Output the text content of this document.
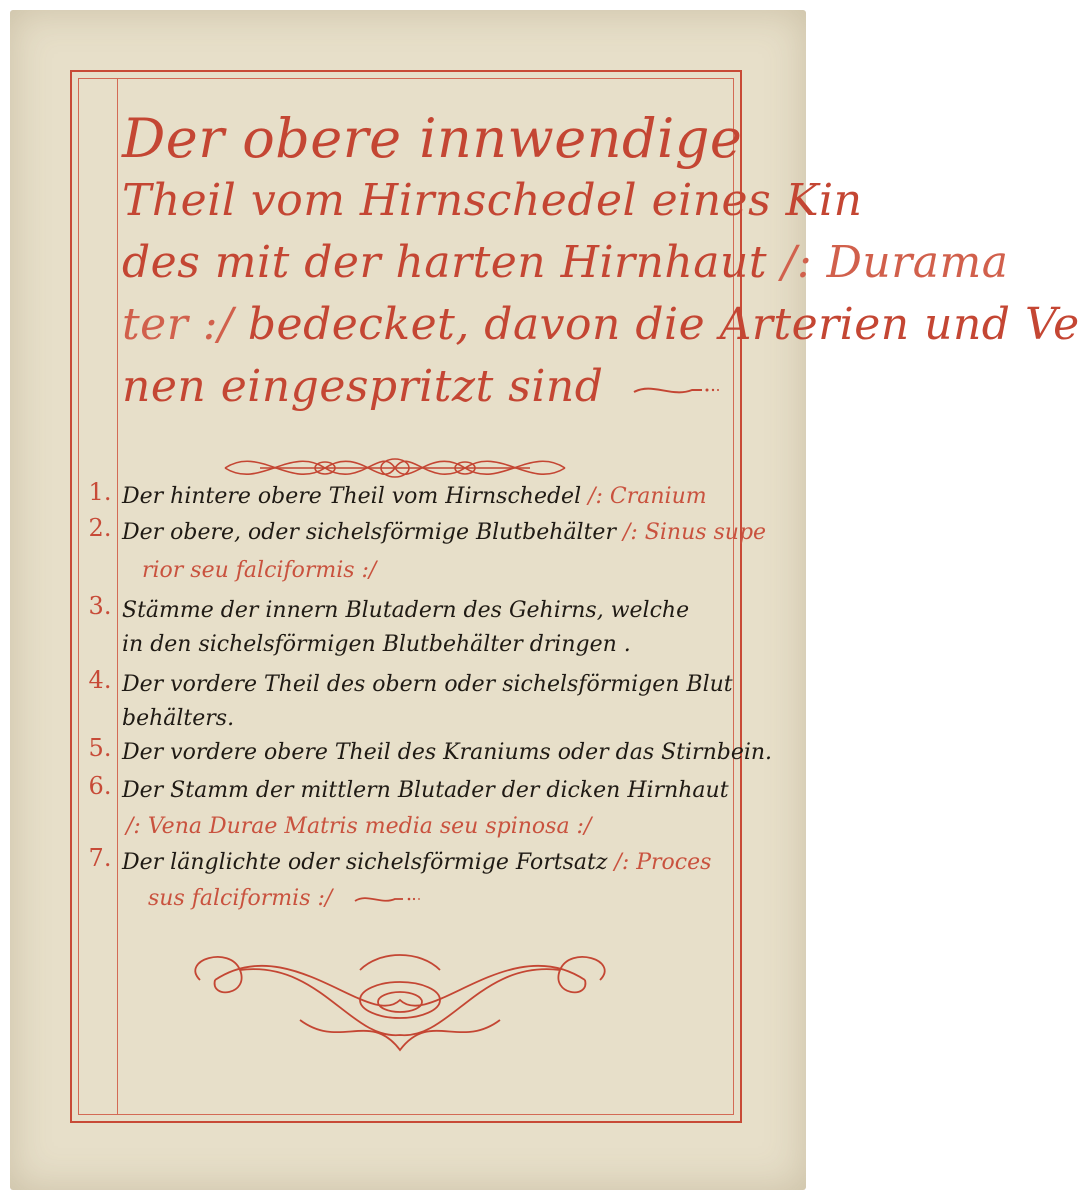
Der obere innwendige
Theil vom Hirnschedel eines Kin
des mit der harten Hirnhaut /: Durama
ter :/ bedecket, davon die Arterien und Ve
nen eingespritzt sind
1. Der hintere obere Theil vom Hirnschedel /: Cranium
2. Der obere, oder sichelsförmige Blutbehälter /: Sinus supe
rior seu falciformis :/
3. Stämme der innern Blutadern des Gehirns, welche
in den sichelsförmigen Blutbehälter dringen .
4. Der vordere Theil des obern oder sichelsförmigen Blut
behälters.
5. Der vordere obere Theil des Kraniums oder das Stirnbein.
6. Der Stamm der mittlern Blutader der dicken Hirnhaut
/: Vena Durae Matris media seu spinosa :/
7. Der länglichte oder sichelsförmige Fortsatz /: Proces
sus falciformis :/
